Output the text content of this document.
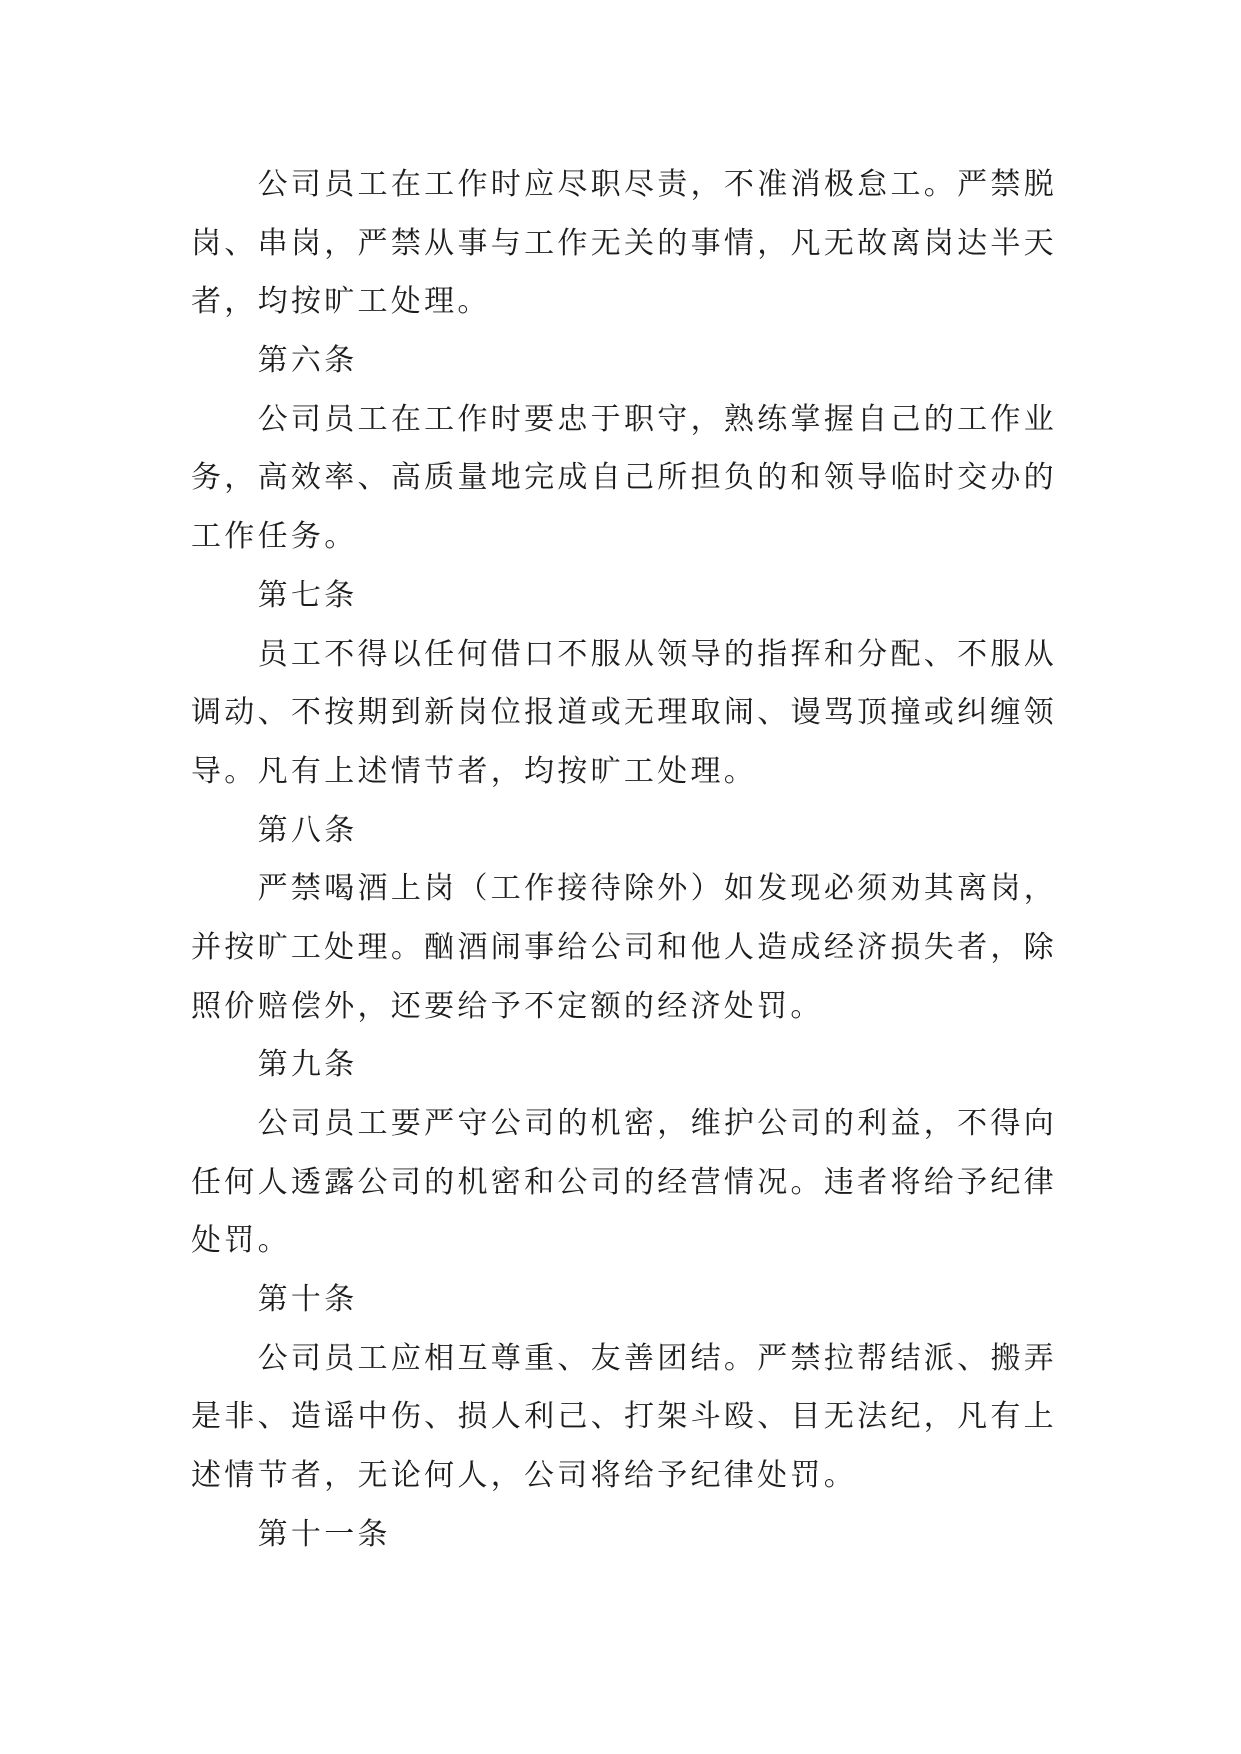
公司员工在工作时应尽职尽责，不准消极怠工。严禁脱
岗、串岗，严禁从事与工作无关的事情，凡无故离岗达半天
者，均按旷工处理。
第六条
公司员工在工作时要忠于职守，熟练掌握自己的工作业
务，高效率、高质量地完成自己所担负的和领导临时交办的
工作任务。
第七条
员工不得以任何借口不服从领导的指挥和分配、不服从
调动、不按期到新岗位报道或无理取闹、谩骂顶撞或纠缠领
导。凡有上述情节者，均按旷工处理。
第八条
严禁喝酒上岗（工作接待除外）如发现必须劝其离岗，
并按旷工处理。酗酒闹事给公司和他人造成经济损失者，除
照价赔偿外，还要给予不定额的经济处罚。
第九条
公司员工要严守公司的机密，维护公司的利益，不得向
任何人透露公司的机密和公司的经营情况。违者将给予纪律
处罚。
第十条
公司员工应相互尊重、友善团结。严禁拉帮结派、搬弄
是非、造谣中伤、损人利己、打架斗殴、目无法纪，凡有上
述情节者，无论何人，公司将给予纪律处罚。
第十一条
